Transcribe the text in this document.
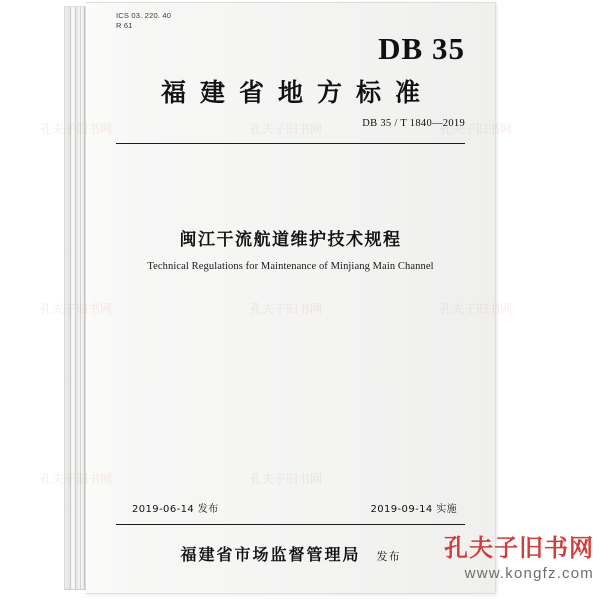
ICS 03. 220. 40
R 61
DB 35
福建省地方标准
DB 35 / T 1840—2019
闽江干流航道维护技术规程
Technical Regulations for Maintenance of Minjiang Main Channel
2019-06-14 发布	2019-09-14 实施
福建省市场监督管理局 发布	孔夫子旧书网
www.kongfz.com
